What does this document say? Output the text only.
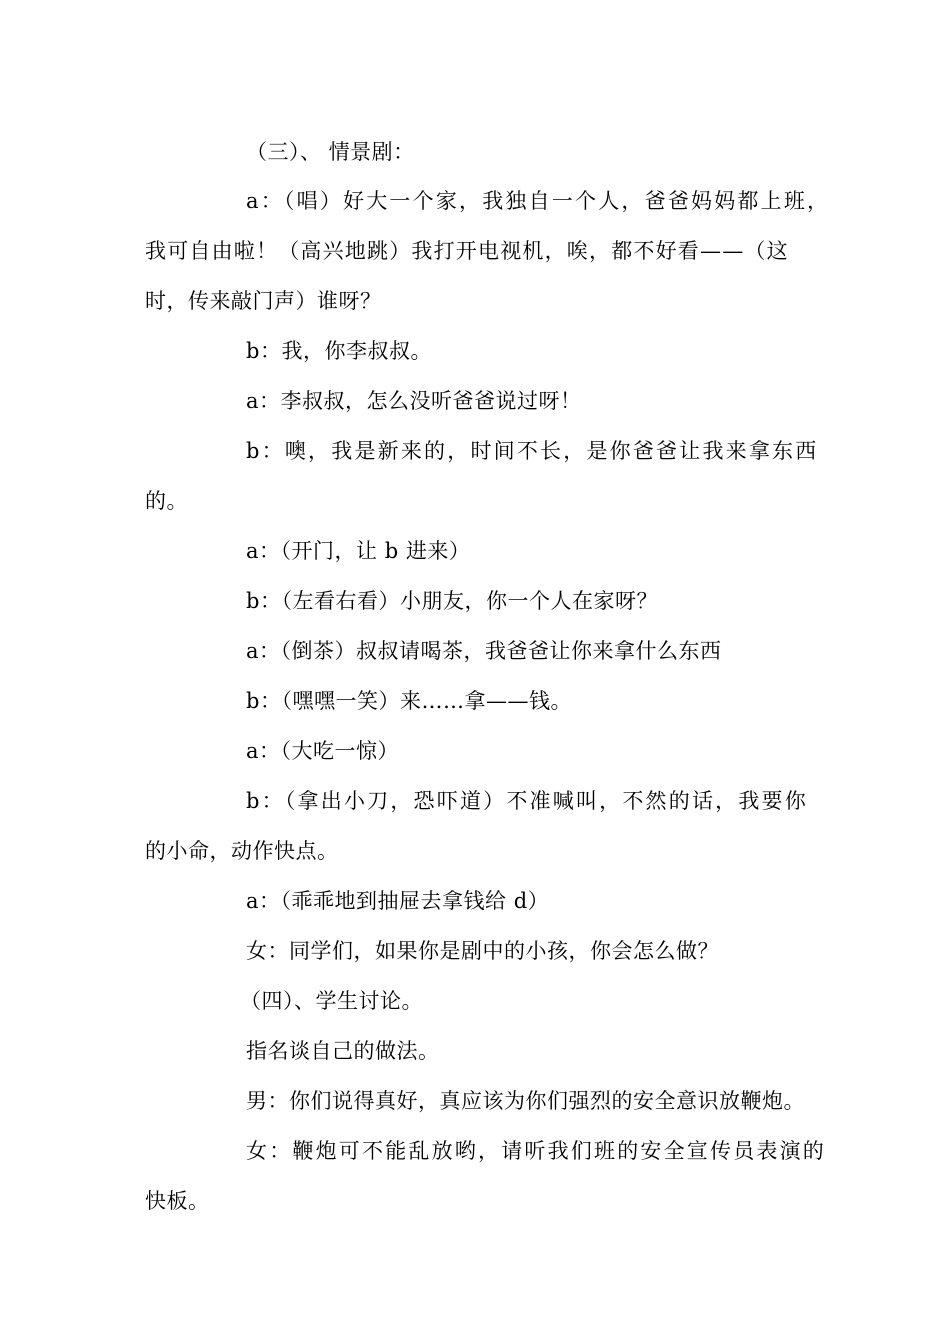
（三）、 情景剧：
a：（唱）好大一个家，我独自一个人，爸爸妈妈都上班，
我可自由啦！（高兴地跳）我打开电视机，唉，都不好看——（这
时，传来敲门声）谁呀？
b：我，你李叔叔。
a：李叔叔，怎么没听爸爸说过呀！
b：噢，我是新来的，时间不长，是你爸爸让我来拿东西
的。
a：（开门，让 b 进来）
b：（左看右看）小朋友，你一个人在家呀？
a：（倒茶）叔叔请喝茶，我爸爸让你来拿什么东西
b：（嘿嘿一笑）来……拿——钱。
a：（大吃一惊）
b：（拿出小刀，恐吓道）不准喊叫，不然的话，我要你
的小命，动作快点。
a：（乖乖地到抽屉去拿钱给 d）
女：同学们，如果你是剧中的小孩，你会怎么做？
（四）、学生讨论。
指名谈自己的做法。
男：你们说得真好，真应该为你们强烈的安全意识放鞭炮。
女：鞭炮可不能乱放哟，请听我们班的安全宣传员表演的
快板。
